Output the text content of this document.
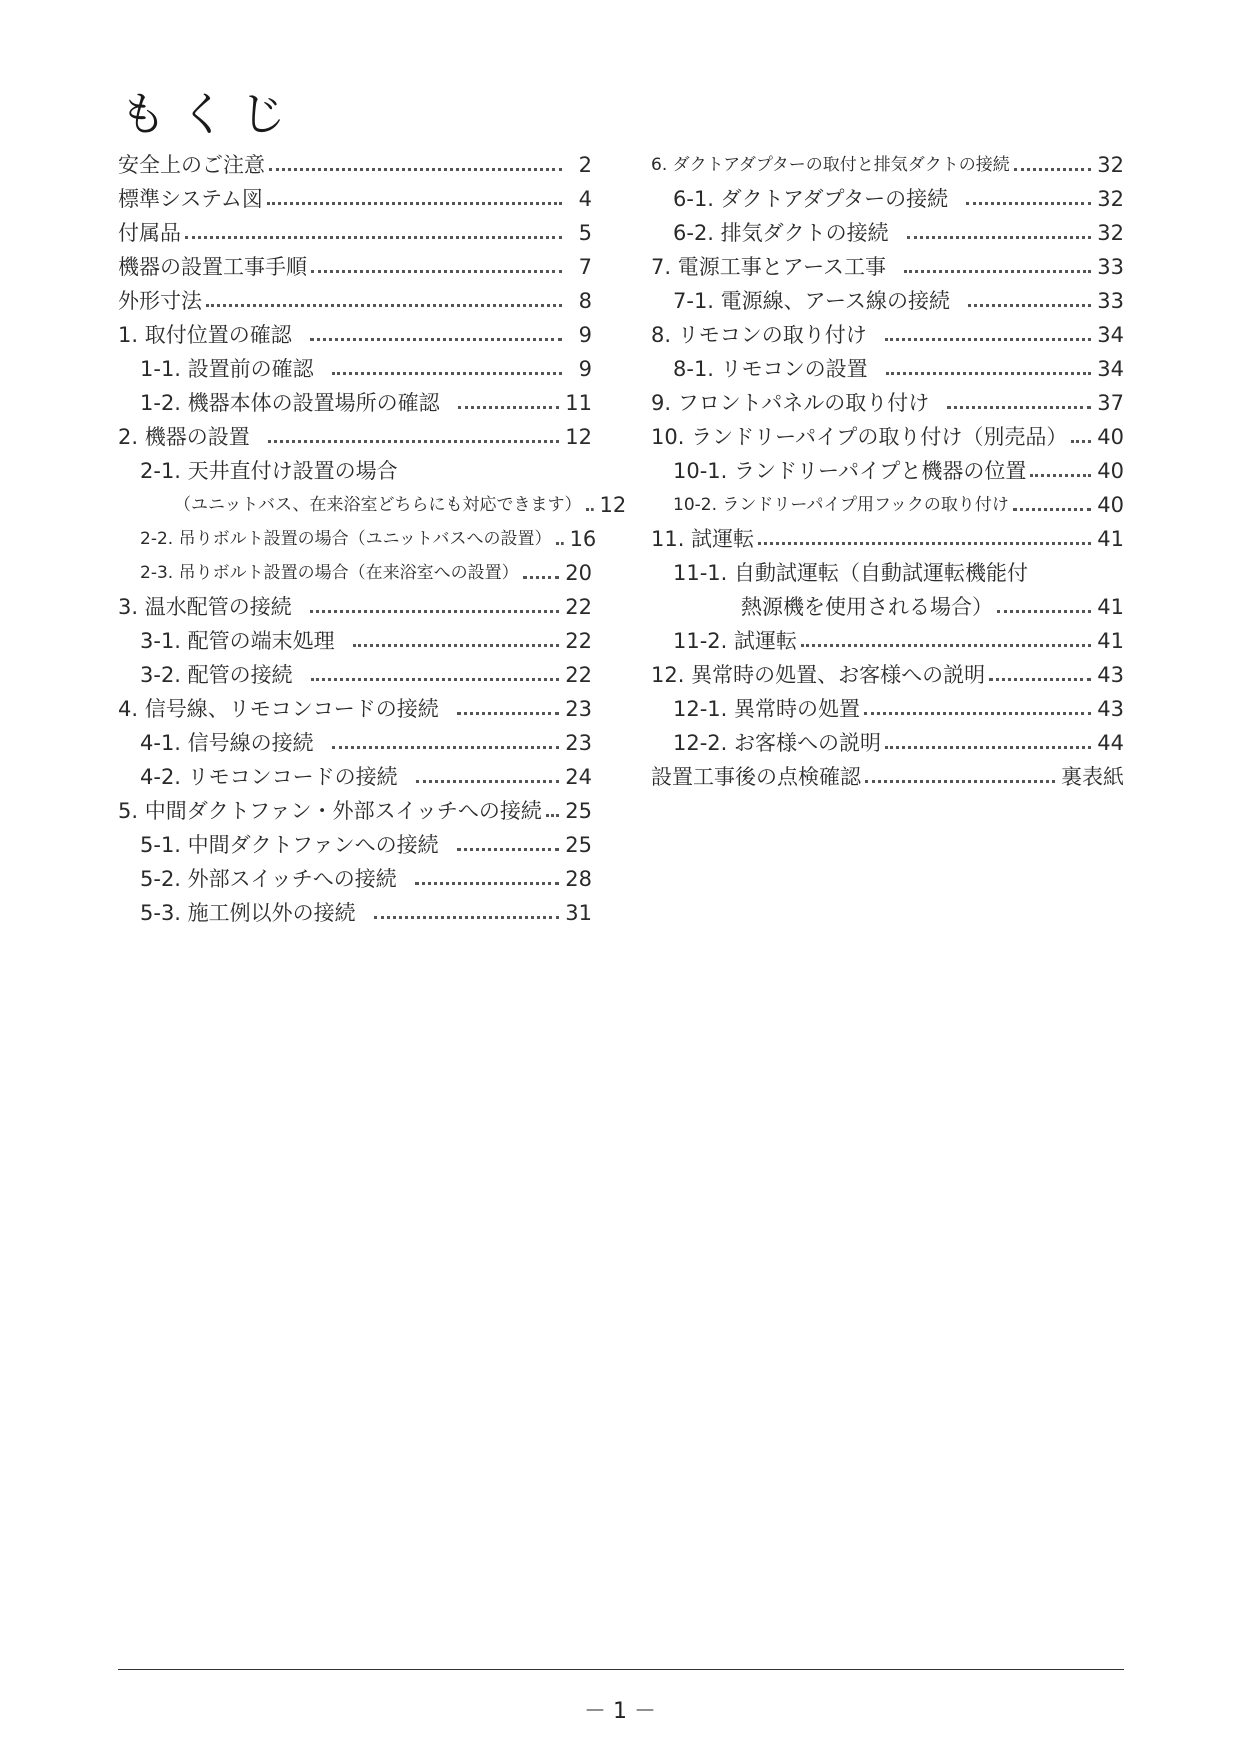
もくじ
安全上のご注意	2
標準システム図	4
付属品	5
機器の設置工事手順	7
外形寸法	8
1. 取付位置の確認	9
1-1. 設置前の確認	9
1-2. 機器本体の設置場所の確認	11
2. 機器の設置	12
2-1. 天井直付け設置の場合
（ユニットバス、在来浴室どちらにも対応できます） 12
2-2. 吊りボルト設置の場合（ユニットバスへの設置） 16
2-3. 吊りボルト設置の場合（在来浴室への設置） 20
3. 温水配管の接続	22
3-1. 配管の端末処理	22
3-2. 配管の接続	22
4. 信号線、リモコンコードの接続	23
4-1. 信号線の接続	23
4-2. リモコンコードの接続	24
5. 中間ダクトファン・外部スイッチへの接続 25
5-1. 中間ダクトファンへの接続	25
5-2. 外部スイッチへの接続	28
5-3. 施工例以外の接続	31
6. ダクトアダプターの取付と排気ダクトの接続	32
6-1. ダクトアダプターの接続	32
6-2. 排気ダクトの接続	32
7. 電源工事とアース工事	33
7-1. 電源線、アース線の接続	33
8. リモコンの取り付け	34
8-1. リモコンの設置	34
9. フロントパネルの取り付け	37
10. ランドリーパイプの取り付け（別売品） 40
10-1. ランドリーパイプと機器の位置	40
10-2. ランドリーパイプ用フックの取り付け	40
11. 試運転	41
11-1. 自動試運転（自動試運転機能付
熱源機を使用される場合）	41
11-2. 試運転	41
12. 異常時の処置、お客様への説明	43
12-1. 異常時の処置	43
12-2. お客様への説明	44
設置工事後の点検確認	裏表紙
－ 1 －
